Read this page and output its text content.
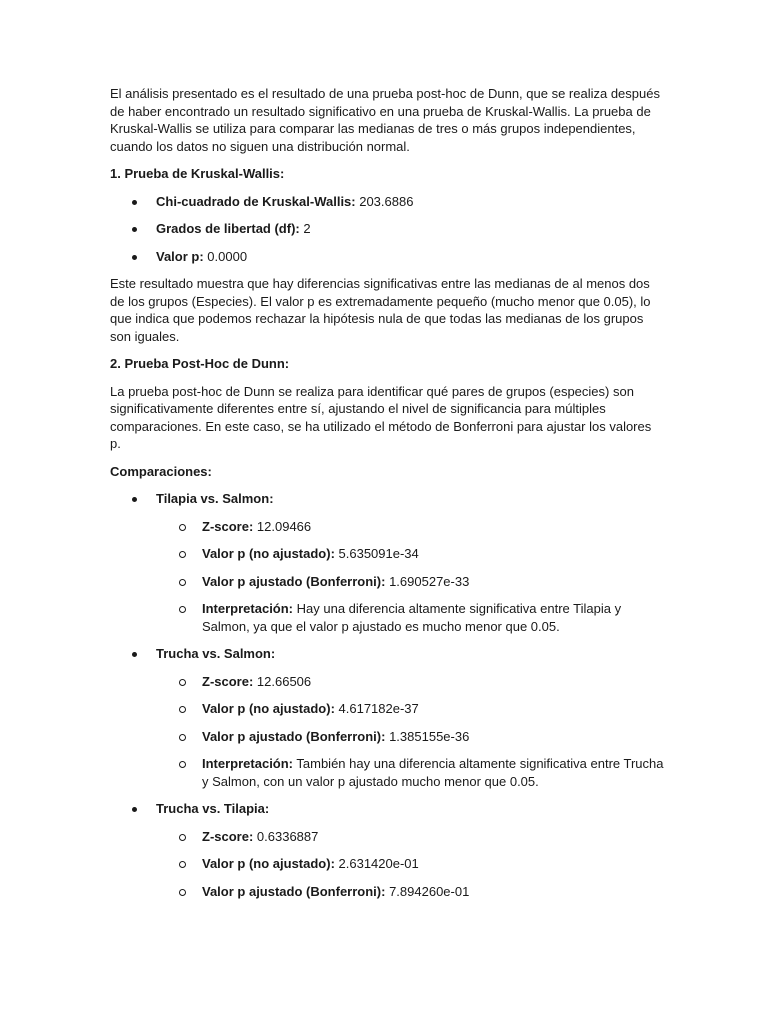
El análisis presentado es el resultado de una prueba post-hoc de Dunn, que se realiza después de haber encontrado un resultado significativo en una prueba de Kruskal-Wallis. La prueba de Kruskal-Wallis se utiliza para comparar las medianas de tres o más grupos independientes, cuando los datos no siguen una distribución normal.

1. Prueba de Kruskal-Wallis:

Chi-cuadrado de Kruskal-Wallis: 203.6886
Grados de libertad (df): 2
Valor p: 0.0000

Este resultado muestra que hay diferencias significativas entre las medianas de al menos dos de los grupos (Especies). El valor p es extremadamente pequeño (mucho menor que 0.05), lo que indica que podemos rechazar la hipótesis nula de que todas las medianas de los grupos son iguales.

2. Prueba Post-Hoc de Dunn:

La prueba post-hoc de Dunn se realiza para identificar qué pares de grupos (especies) son significativamente diferentes entre sí, ajustando el nivel de significancia para múltiples comparaciones. En este caso, se ha utilizado el método de Bonferroni para ajustar los valores p.

Comparaciones:

Tilapia vs. Salmon:
Z-score: 12.09466
Valor p (no ajustado): 5.635091e-34
Valor p ajustado (Bonferroni): 1.690527e-33
Interpretación: Hay una diferencia altamente significativa entre Tilapia y Salmon, ya que el valor p ajustado es mucho menor que 0.05.
Trucha vs. Salmon:
Z-score: 12.66506
Valor p (no ajustado): 4.617182e-37
Valor p ajustado (Bonferroni): 1.385155e-36
Interpretación: También hay una diferencia altamente significativa entre Trucha y Salmon, con un valor p ajustado mucho menor que 0.05.
Trucha vs. Tilapia:
Z-score: 0.6336887
Valor p (no ajustado): 2.631420e-01
Valor p ajustado (Bonferroni): 7.894260e-01
